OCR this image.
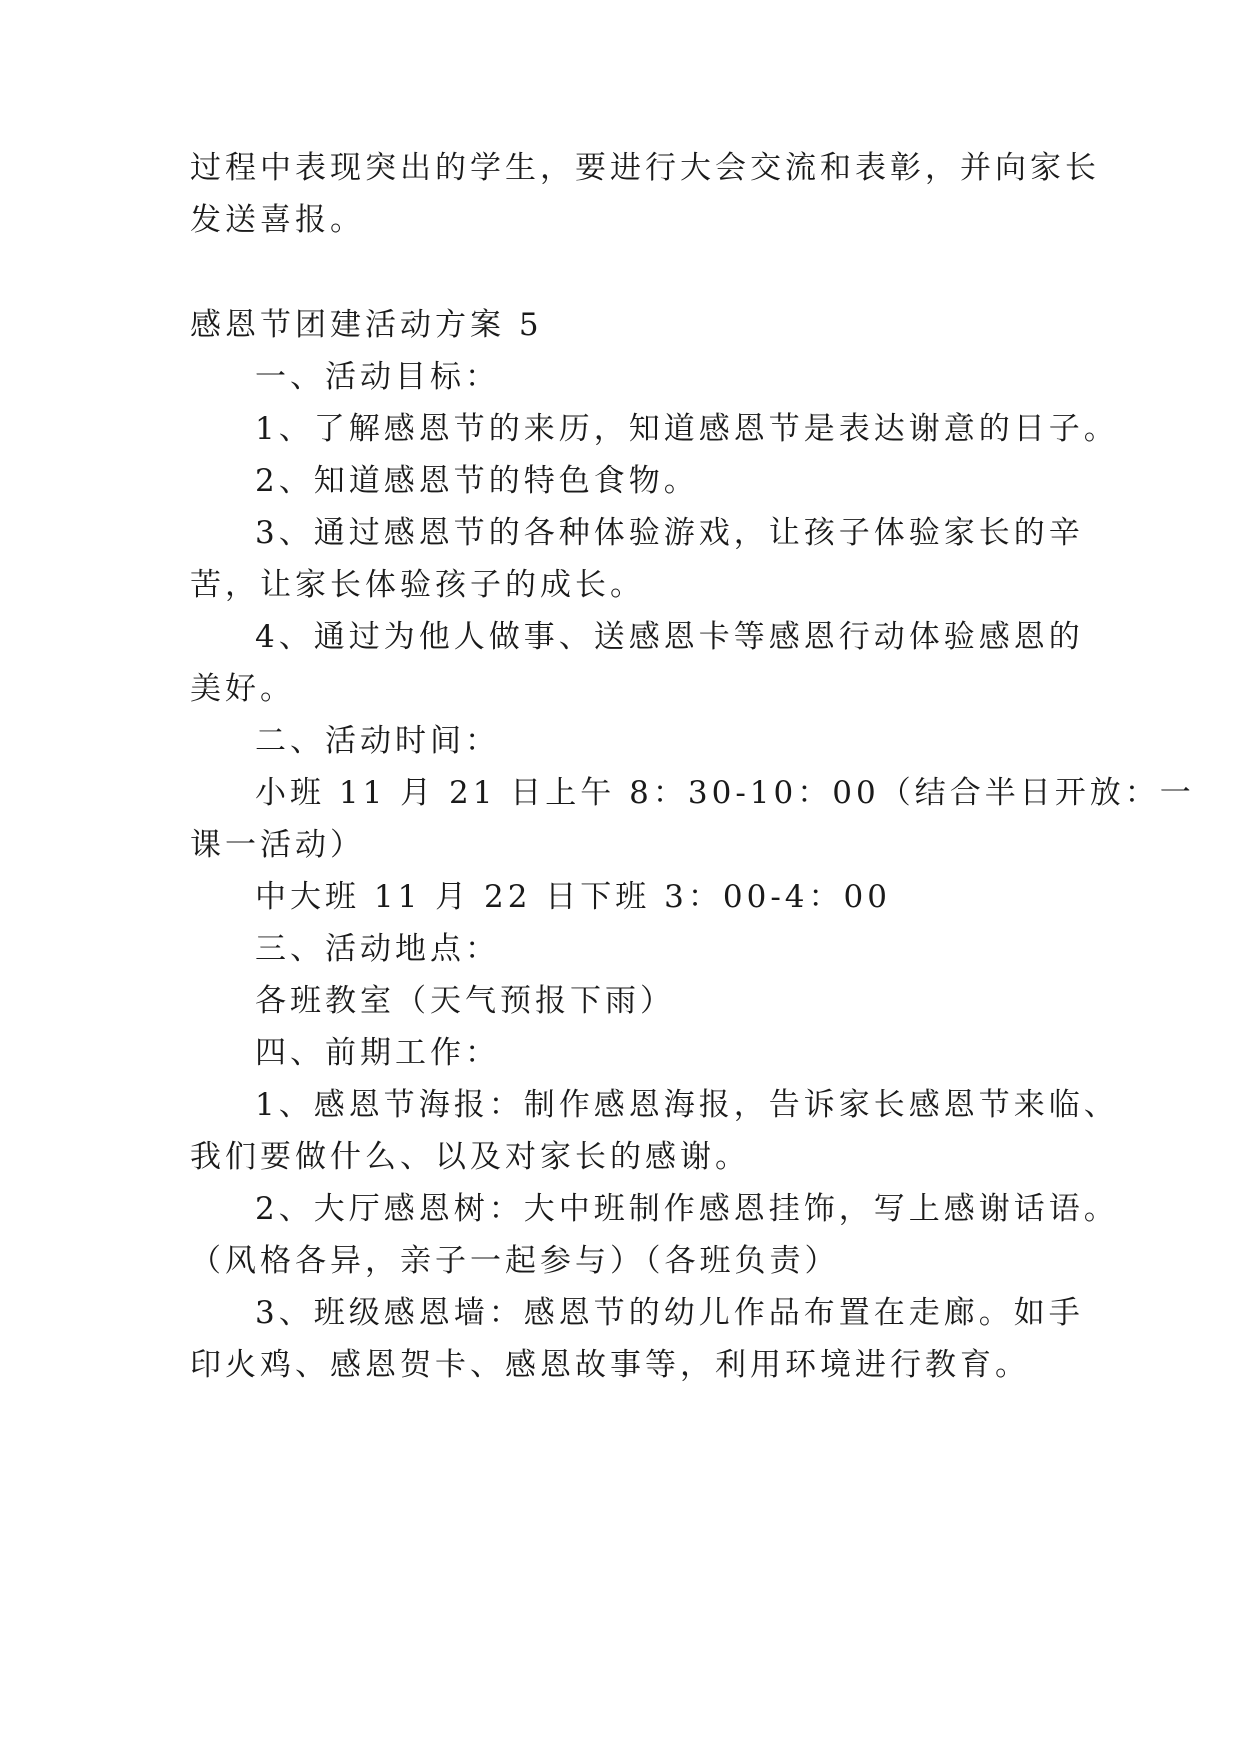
过程中表现突出的学生，要进行大会交流和表彰，并向家长
发送喜报。
感恩节团建活动方案 5
一、活动目标：
1、了解感恩节的来历，知道感恩节是表达谢意的日子。
2、知道感恩节的特色食物。
3、通过感恩节的各种体验游戏，让孩子体验家长的辛
苦，让家长体验孩子的成长。
4、通过为他人做事、送感恩卡等感恩行动体验感恩的
美好。
二、活动时间：
小班 11 月 21 日上午 8：30-10：00（结合半日开放：一
课一活动）
中大班 11 月 22 日下班 3：00-4：00
三、活动地点：
各班教室（天气预报下雨）
四、前期工作：
1、感恩节海报：制作感恩海报，告诉家长感恩节来临、
我们要做什么、以及对家长的感谢。
2、大厅感恩树：大中班制作感恩挂饰，写上感谢话语。
（风格各异，亲子一起参与）（各班负责）
3、班级感恩墙：感恩节的幼儿作品布置在走廊。如手
印火鸡、感恩贺卡、感恩故事等，利用环境进行教育。
